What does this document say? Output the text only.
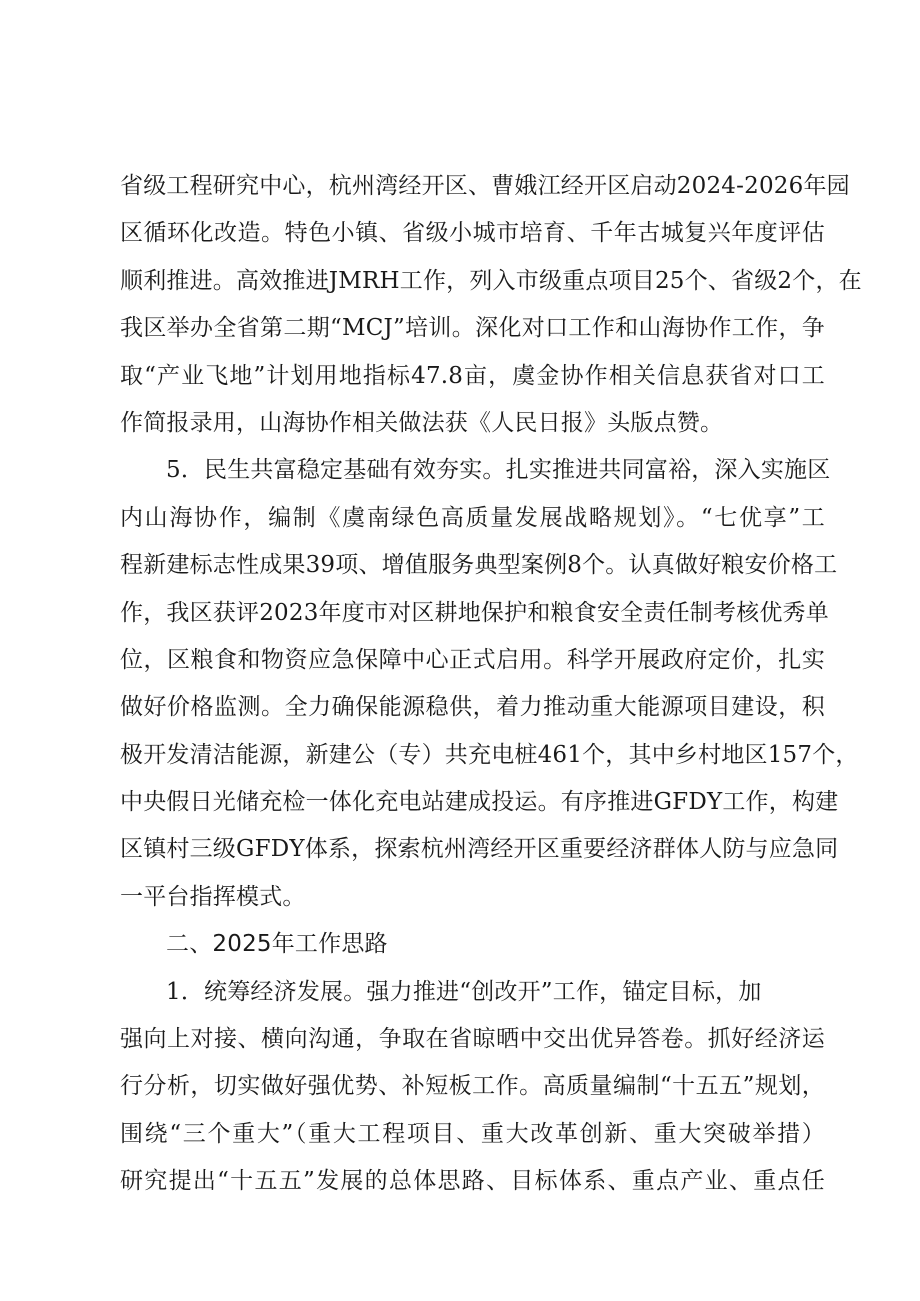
省级工程研究中心，杭州湾经开区、曹娥江经开区启动2024-2026年园
区循环化改造。特色小镇、省级小城市培育、千年古城复兴年度评估
顺利推进。高效推进JMRH工作，列入市级重点项目25个、省级2个，在
我区举办全省第二期“MCJ”培训。深化对口工作和山海协作工作，争
取“产业飞地”计划用地指标47.8亩，虞金协作相关信息获省对口工
作简报录用，山海协作相关做法获《人民日报》头版点赞。
5．民生共富稳定基础有效夯实。扎实推进共同富裕，深入实施区
内山海协作，编制《虞南绿色高质量发展战略规划》。“七优享”工
程新建标志性成果39项、增值服务典型案例8个。认真做好粮安价格工
作，我区获评2023年度市对区耕地保护和粮食安全责任制考核优秀单
位，区粮食和物资应急保障中心正式启用。科学开展政府定价，扎实
做好价格监测。全力确保能源稳供，着力推动重大能源项目建设，积
极开发清洁能源，新建公（专）共充电桩461个，其中乡村地区157个，
中央假日光储充检一体化充电站建成投运。有序推进GFDY工作，构建
区镇村三级GFDY体系，探索杭州湾经开区重要经济群体人防与应急同
一平台指挥模式。
二、2025年工作思路
1．统筹经济发展。强力推进“创改开”工作，锚定目标，加
强向上对接、横向沟通，争取在省晾晒中交出优异答卷。抓好经济运
行分析，切实做好强优势、补短板工作。高质量编制“十五五”规划，
围绕“三个重大”（重大工程项目、重大改革创新、重大突破举措）
研究提出“十五五”发展的总体思路、目标体系、重点产业、重点任
